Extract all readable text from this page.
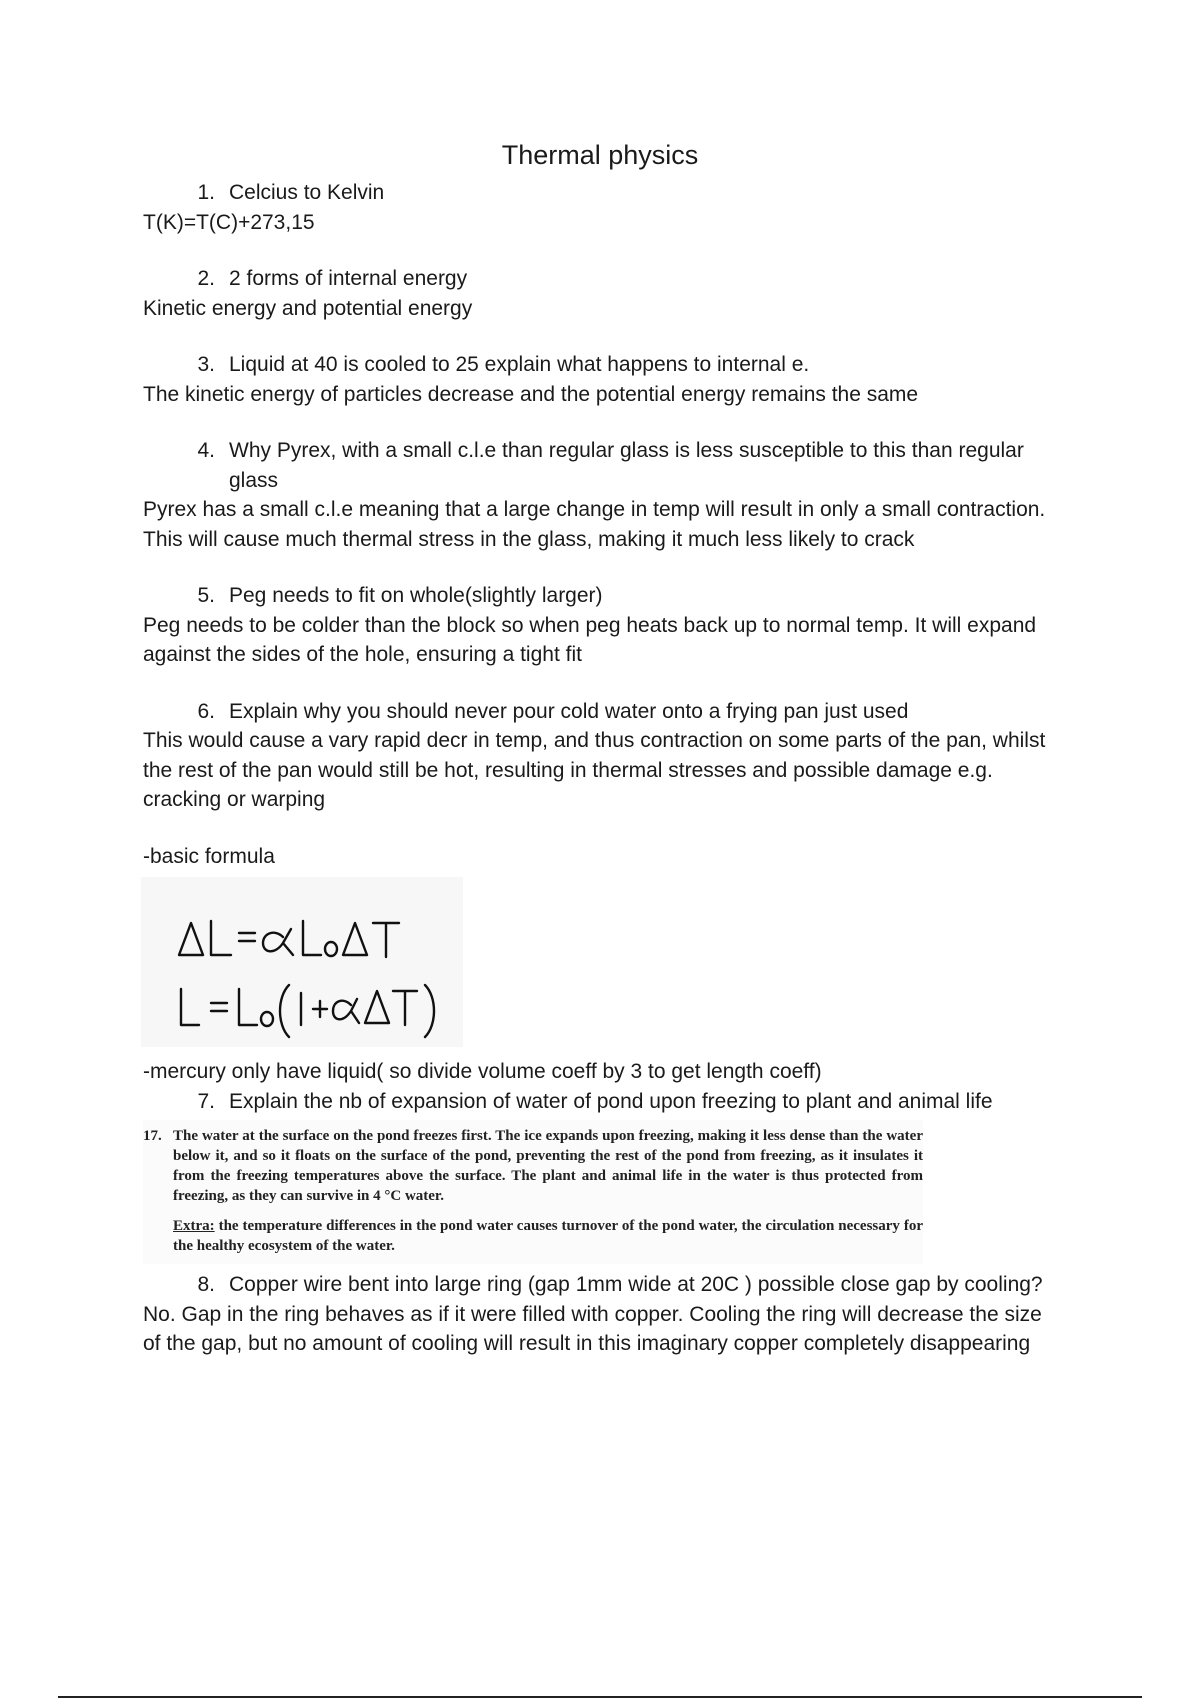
Thermal physics
1. Celcius to Kelvin

T(K)=T(C)+273,15

2. 2 forms of internal energy

Kinetic energy and potential energy

3. Liquid at 40 is cooled to 25 explain what happens to internal e.

The kinetic energy of particles decrease and the potential energy remains the same

4. Why Pyrex, with a small c.l.e than regular glass is less susceptible to this than regular glass

Pyrex has a small c.l.e meaning that a large change in temp will result in only a small contraction. This will cause much thermal stress in the glass, making it much less likely to crack

5. Peg needs to fit on whole(slightly larger)

Peg needs to be colder than the block so when peg heats back up to normal temp. It will expand against the sides of the hole, ensuring a tight fit

6. Explain why you should never pour cold water onto a frying pan just used

This would cause a vary rapid decr in temp, and thus contraction on some parts of the pan, whilst the rest of the pan would still be hot, resulting in thermal stresses and possible damage e.g. cracking or warping

-basic formula

-mercury only have liquid( so divide volume coeff by 3 to get length coeff)

7. Explain the nb of expansion of water of pond upon freezing to plant and animal life
17. The water at the surface on the pond freezes first. The ice expands upon freezing, making it less dense than the water below it, and so it floats on the surface of the pond, preventing the rest of the pond from freezing, as it insulates it from the freezing temperatures above the surface. The plant and animal life in the water is thus protected from freezing, as they can survive in 4 °C water.
Extra: the temperature differences in the pond water causes turnover of the pond water, the circulation necessary for the healthy ecosystem of the water.
8. Copper wire bent into large ring (gap 1mm wide at 20C ) possible close gap by cooling?

No. Gap in the ring behaves as if it were filled with copper. Cooling the ring will decrease the size of the gap, but no amount of cooling will result in this imaginary copper completely disappearing
